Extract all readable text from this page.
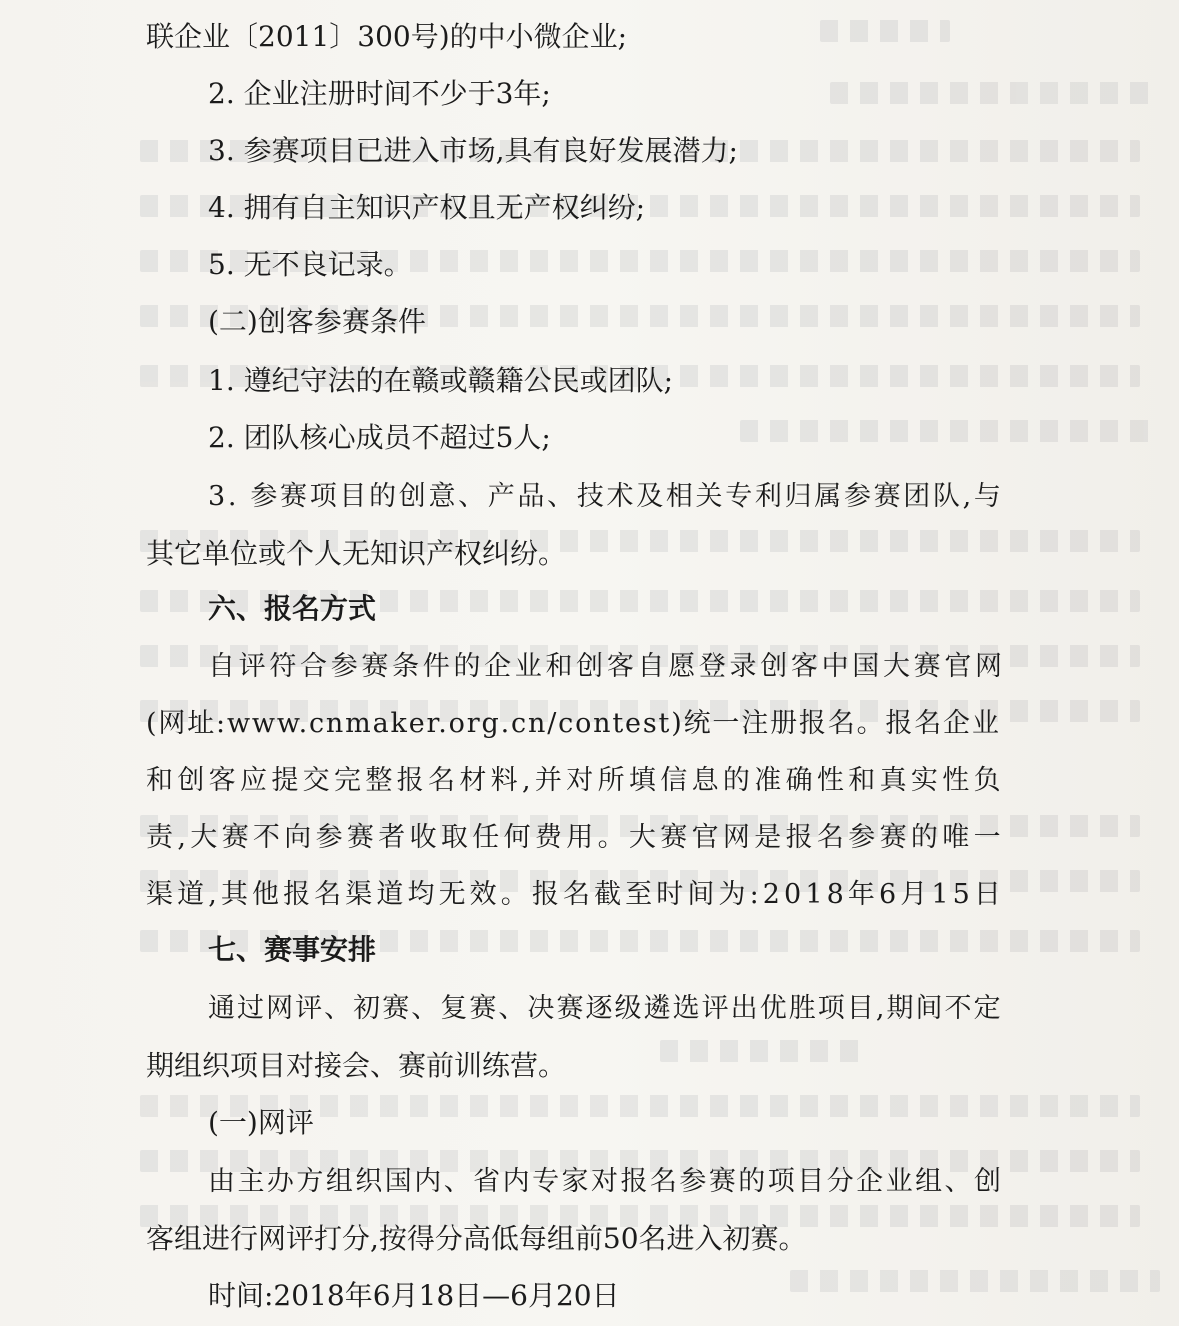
联企业〔2011〕300号)的中小微企业;
2. 企业注册时间不少于3年;
3. 参赛项目已进入市场,具有良好发展潜力;
4. 拥有自主知识产权且无产权纠纷;
5. 无不良记录。
(二)创客参赛条件
1. 遵纪守法的在赣或赣籍公民或团队;
2. 团队核心成员不超过5人;
3. 参赛项目的创意、产品、技术及相关专利归属参赛团队,与
其它单位或个人无知识产权纠纷。
六、报名方式
自评符合参赛条件的企业和创客自愿登录创客中国大赛官网
(网址:www.cnmaker.org.cn/contest)统一注册报名。报名企业
和创客应提交完整报名材料,并对所填信息的准确性和真实性负
责,大赛不向参赛者收取任何费用。大赛官网是报名参赛的唯一
渠道,其他报名渠道均无效。报名截至时间为:2018年6月15日
七、赛事安排
通过网评、初赛、复赛、决赛逐级遴选评出优胜项目,期间不定
期组织项目对接会、赛前训练营。
(一)网评
由主办方组织国内、省内专家对报名参赛的项目分企业组、创
客组进行网评打分,按得分高低每组前50名进入初赛。
时间:2018年6月18日—6月20日
